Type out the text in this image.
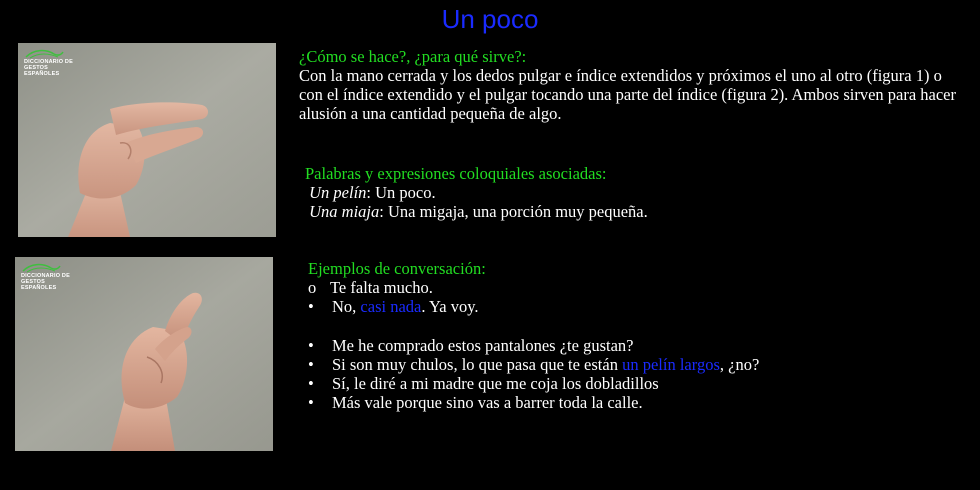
Un poco
DICCIONARIO DE
GESTOS ESPAÑOLES
DICCIONARIO DE
GESTOS ESPAÑOLES
¿Cómo se hace?, ¿para qué sirve?:
Con la mano cerrada y los dedos pulgar e índice extendidos y próximos el uno al otro (figura 1) o con el índice extendido y el pulgar tocando una parte del índice (figura 2). Ambos sirven para hacer alusión a una cantidad pequeña de algo.
Palabras y expresiones coloquiales asociadas:
Un pelín: Un poco.
Una miaja: Una migaja, una porción muy pequeña.
Ejemplos de conversación:
o Te falta mucho.
•	No, casi nada. Ya voy.
•	Me he comprado estos pantalones ¿te gustan?
•	Si son muy chulos, lo que pasa que te están un pelín largos, ¿no?
•	Sí, le diré a mi madre que me coja los dobladillos
•	Más vale porque sino vas a barrer toda la calle.
